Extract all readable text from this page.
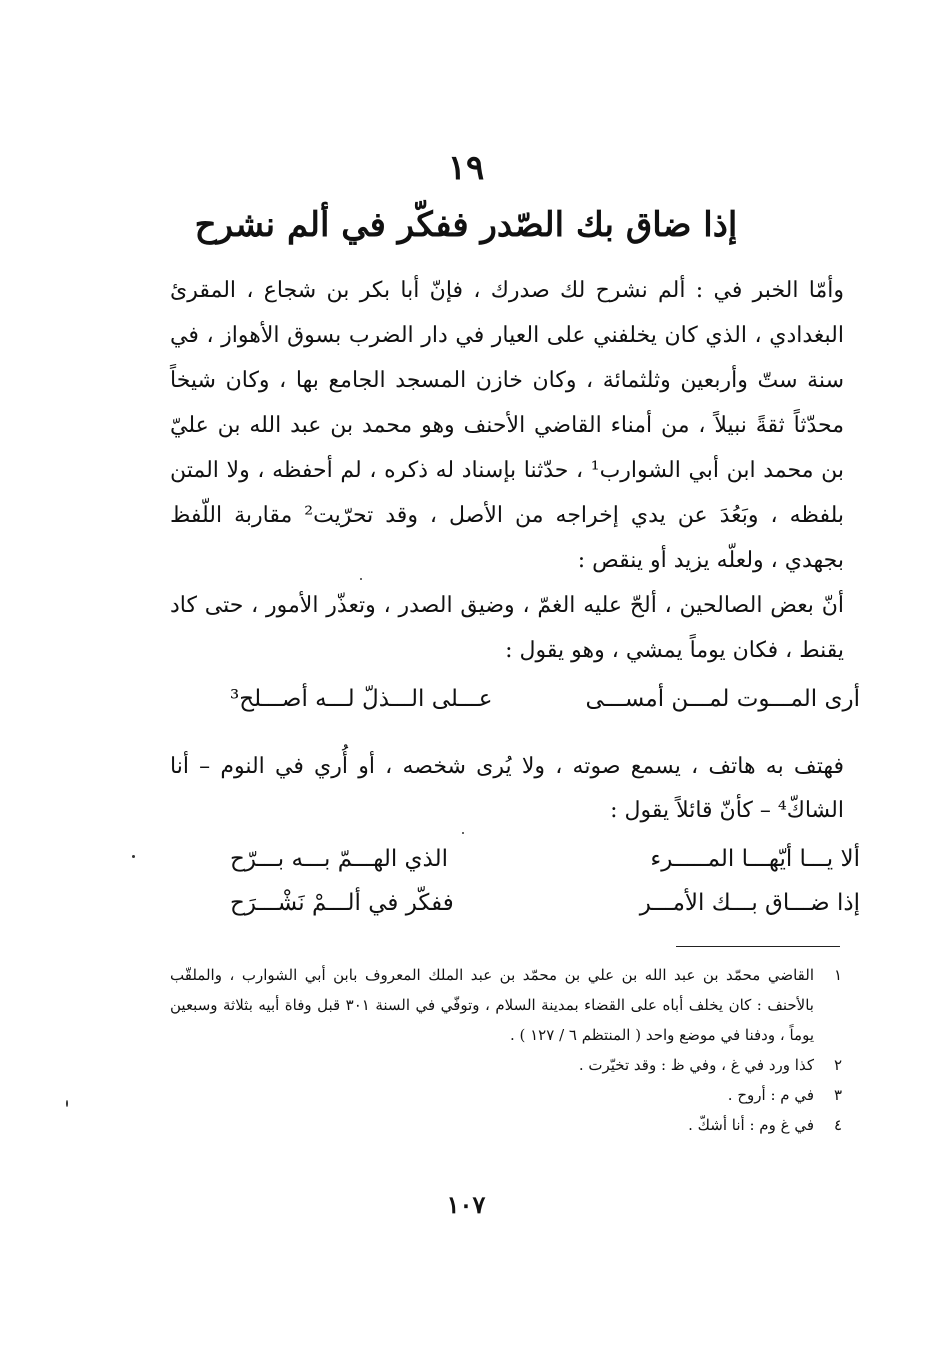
١٩
إذا ضاق بك الصّدر ففكّر في ألم نشرح

وأمّا الخبر في : ألم نشرح لك صدرك ، فإنّ أبا بكر بن شجاع ، المقرئ البغدادي ، الذي كان يخلفني على العيار في دار الضرب بسوق الأهواز ، في سنة ستّ وأربعين وثلثمائة ، وكان خازن المسجد الجامع بها ، وكان شيخاً محدّثاً ثقةً نبيلاً ، من أمناء القاضي الأحنف وهو محمد بن عبد الله بن عليّ بن محمد ابن أبي الشوارب¹ ، حدّثنا بإسناد له ذكره ، لم أحفظه ، ولا المتن بلفظه ، وبَعُدَ عن يدي إخراجه من الأصل ، وقد تحرّيت² مقاربة اللّفظ بجهدي ، ولعلّه يزيد أو ينقص :

أنّ بعض الصالحين ، ألحّ عليه الغمّ ، وضيق الصدر ، وتعذّر الأمور ، حتى كاد يقنط ، فكان يوماً يمشي ، وهو يقول :

أرى المـــوت لمـــن أمســـى
عـــلى الـــذلّ لـــه أصـــلح³

فهتف به هاتف ، يسمع صوته ، ولا يُرى شخصه ، أو أُري في النوم – أنا الشاكّ⁴ – كأنّ قائلاً يقول :

ألا يـــا أيّهـــا المـــــرء
الذي الهـــمّ بـــه بـــرّح
إذا ضـــاق بـــك الأمـــر
ففكّر في ألـــمْ نَشْـــرَح
١
القاضي محمّد بن عبد الله بن علي بن محمّد بن عبد الملك المعروف بابن أبي الشوارب ، والملقّب بالأحنف : كان يخلف أباه على القضاء بمدينة السلام ، وتوفّي في السنة ٣٠١ قبل وفاة أبيه بثلاثة وسبعين يوماً ، ودفنا في موضع واحد ( المنتظم ٦ / ١٢٧ ) .
٢
كذا ورد في غ ، وفي ظ : وقد تخيّرت .
٣
في م : أروح .
٤
في غ وم : أنا أشكّ .
١٠٧
